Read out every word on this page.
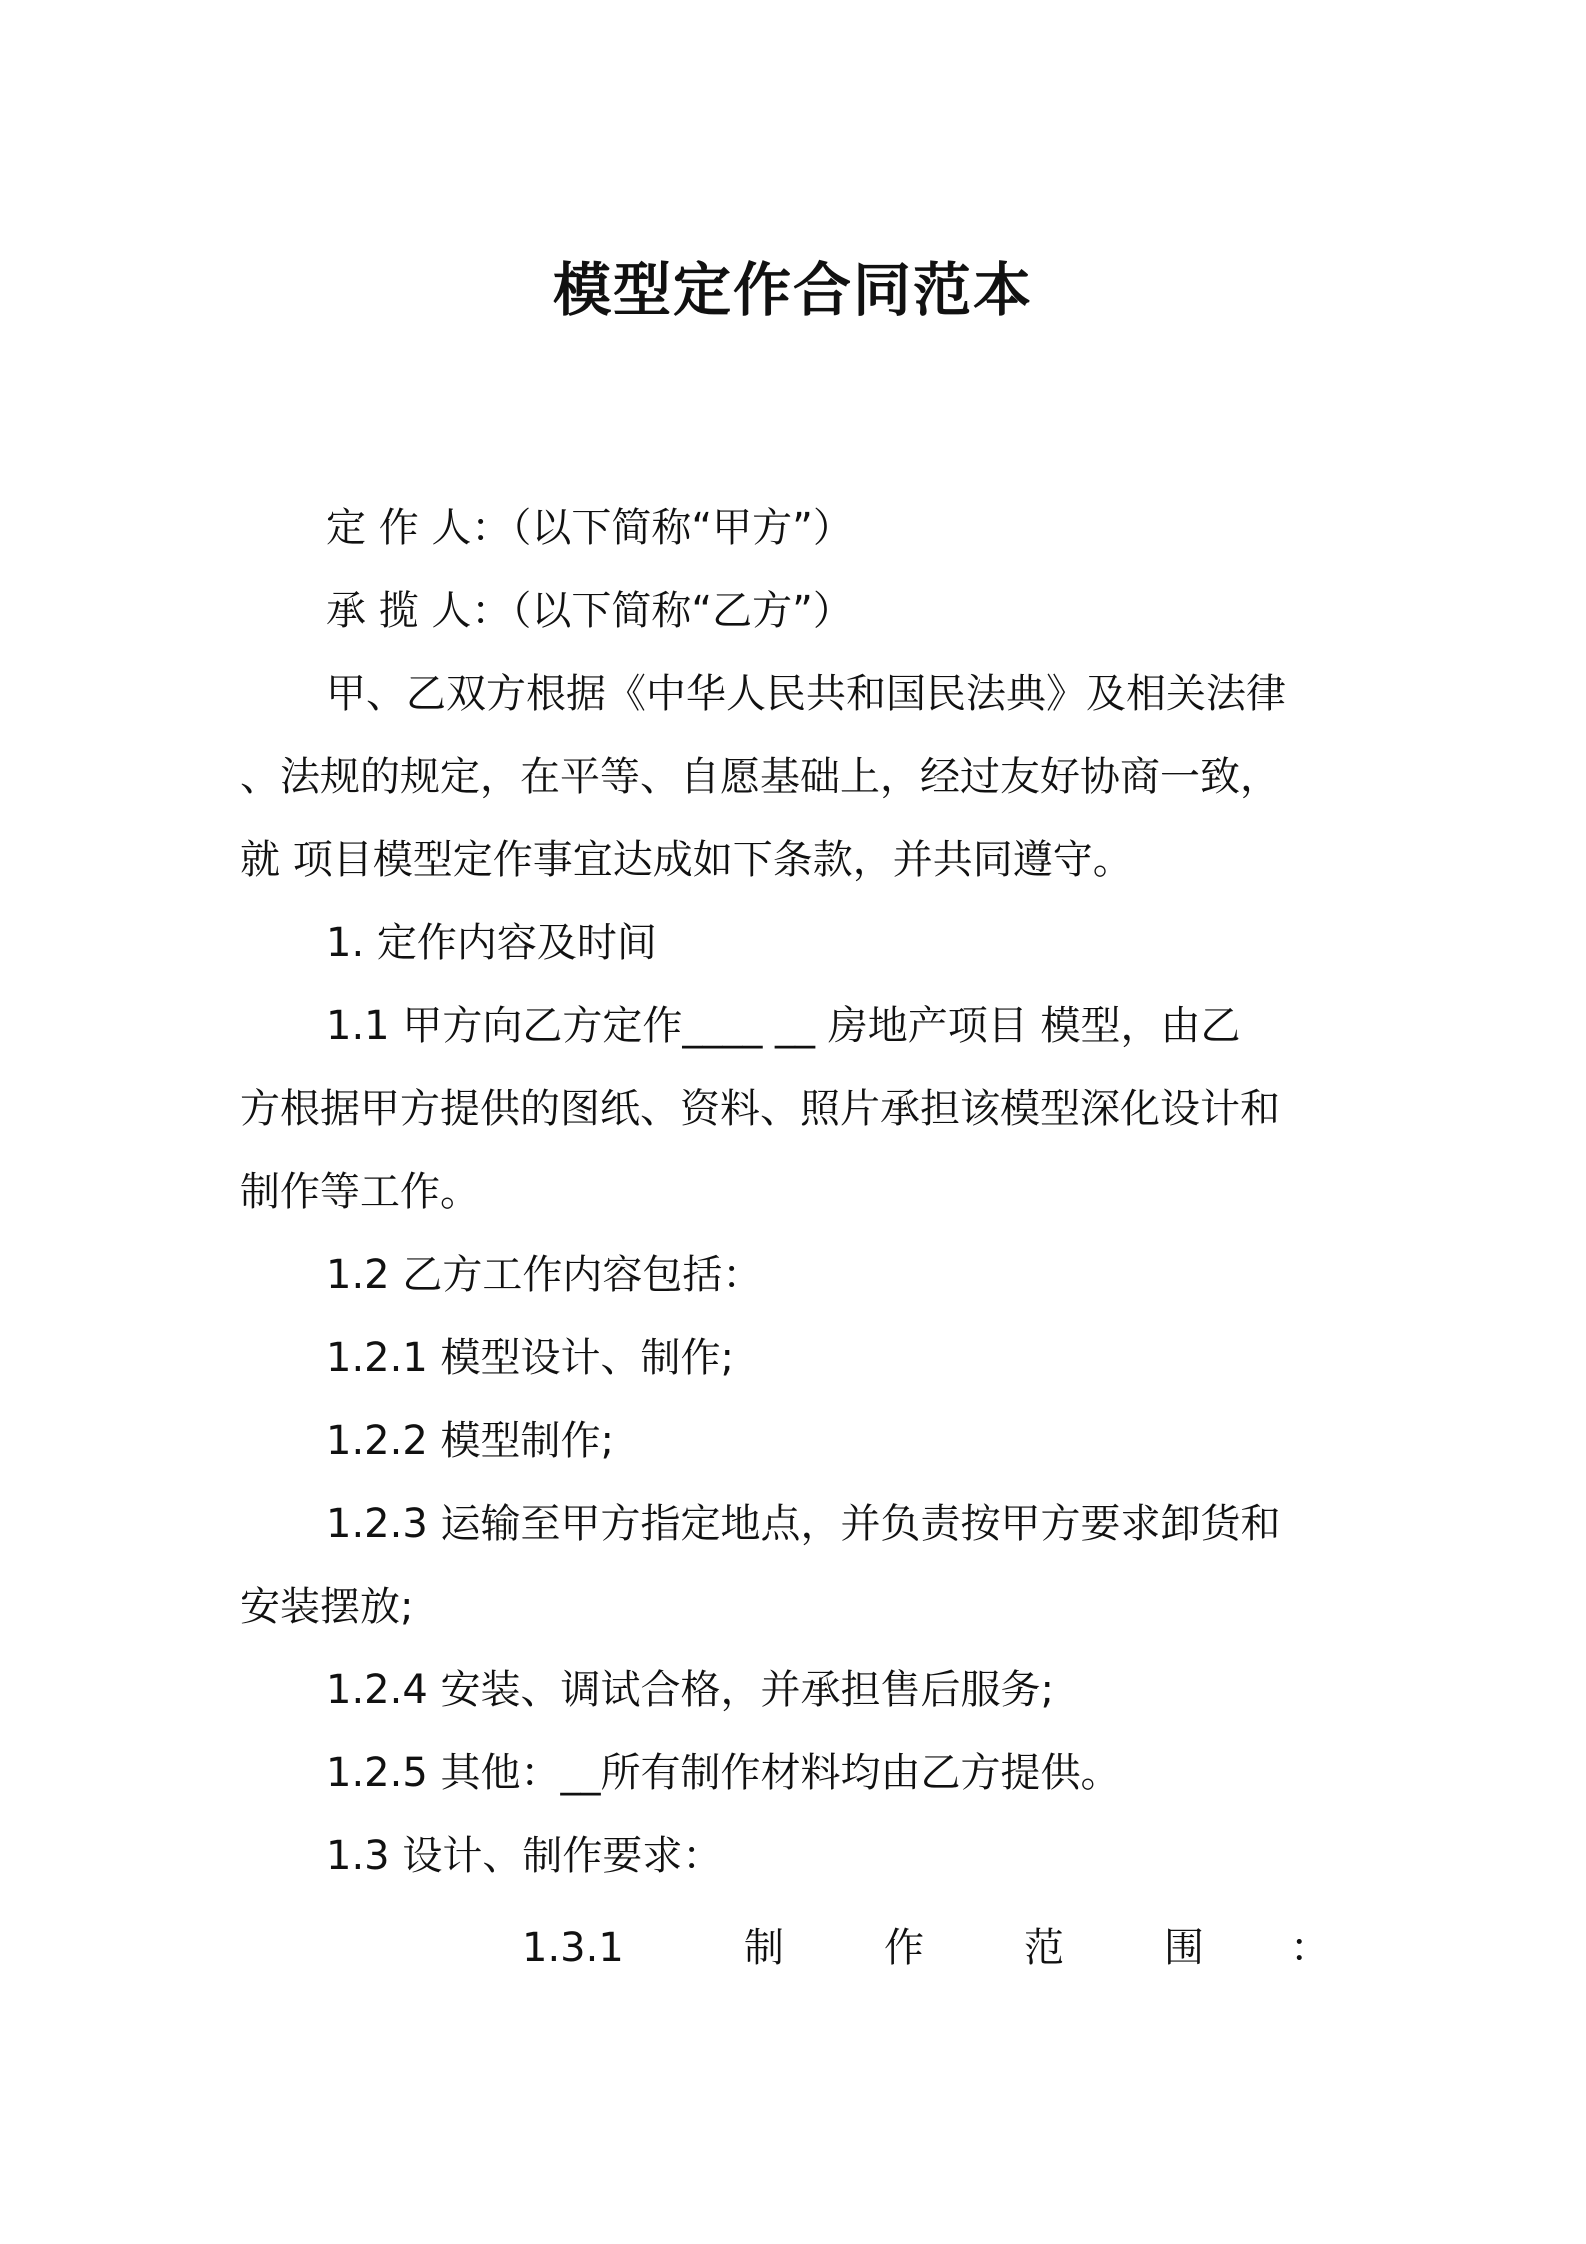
模型定作合同范本
定 作 人：（以下简称“甲方”）
承 揽 人：（以下简称“乙方”）
甲、乙双方根据《中华人民共和国民法典》及相关法律
、法规的规定，在平等、自愿基础上，经过友好协商一致，
就 项目模型定作事宜达成如下条款，并共同遵守。
1. 定作内容及时间
1.1 甲方向乙方定作____ __ 房地产项目 模型，由乙
方根据甲方提供的图纸、资料、照片承担该模型深化设计和
制作等工作。
1.2 乙方工作内容包括：
1.2.1 模型设计、制作;
1.2.2 模型制作;
1.2.3 运输至甲方指定地点，并负责按甲方要求卸货和
安装摆放;
1.2.4 安装、调试合格，并承担售后服务;
1.2.5 其他：__所有制作材料均由乙方提供。
1.3 设计、制作要求：
1.3.1	制	作	范	围 ：
